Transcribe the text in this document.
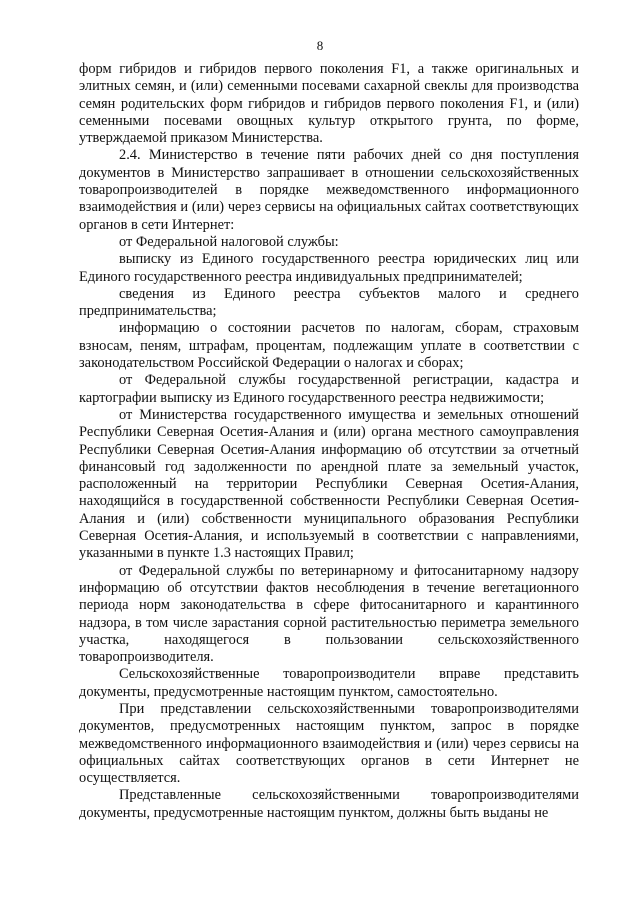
8

форм гибридов и гибридов первого поколения F1, а также оригинальных и элитных семян, и (или) семенными посевами сахарной свеклы для производства семян родительских форм гибридов и гибридов первого поколения F1, и (или) семенными посевами овощных культур открытого грунта, по форме, утверждаемой приказом Министерства.

2.4. Министерство в течение пяти рабочих дней со дня поступления документов в Министерство запрашивает в отношении сельскохозяйственных товаропроизводителей в порядке межведомственного информационного взаимодействия и (или) через сервисы на официальных сайтах соответствующих органов в сети Интернет:

от Федеральной налоговой службы:

выписку из Единого государственного реестра юридических лиц или Единого государственного реестра индивидуальных предпринимателей;

сведения из Единого реестра субъектов малого и среднего предпринимательства;

информацию о состоянии расчетов по налогам, сборам, страховым взносам, пеням, штрафам, процентам, подлежащим уплате в соответствии с законодательством Российской Федерации о налогах и сборах;

от Федеральной службы государственной регистрации, кадастра и картографии выписку из Единого государственного реестра недвижимости;

от Министерства государственного имущества и земельных отношений Республики Северная Осетия-Алания и (или) органа местного самоуправления Республики Северная Осетия-Алания информацию об отсутствии за отчетный финансовый год задолженности по арендной плате за земельный участок, расположенный на территории Республики Северная Осетия-Алания, находящийся в государственной собственности Республики Северная Осетия-Алания и (или) собственности муниципального образования Республики Северная Осетия-Алания, и используемый в соответствии с направлениями, указанными в пункте 1.3 настоящих Правил;

от Федеральной службы по ветеринарному и фитосанитарному надзору информацию об отсутствии фактов несоблюдения в течение вегетационного периода норм законодательства в сфере фитосанитарного и карантинного надзора, в том числе зарастания сорной растительностью периметра земельного участка, находящегося в пользовании сельскохозяйственного товаропроизводителя.

Сельскохозяйственные товаропроизводители вправе представить документы, предусмотренные настоящим пунктом, самостоятельно.

При представлении сельскохозяйственными товаропроизводителями документов, предусмотренных настоящим пунктом, запрос в порядке межведомственного информационного взаимодействия и (или) через сервисы на официальных сайтах соответствующих органов в сети Интернет не осуществляется.

Представленные сельскохозяйственными товаропроизводителями документы, предусмотренные настоящим пунктом, должны быть выданы не
